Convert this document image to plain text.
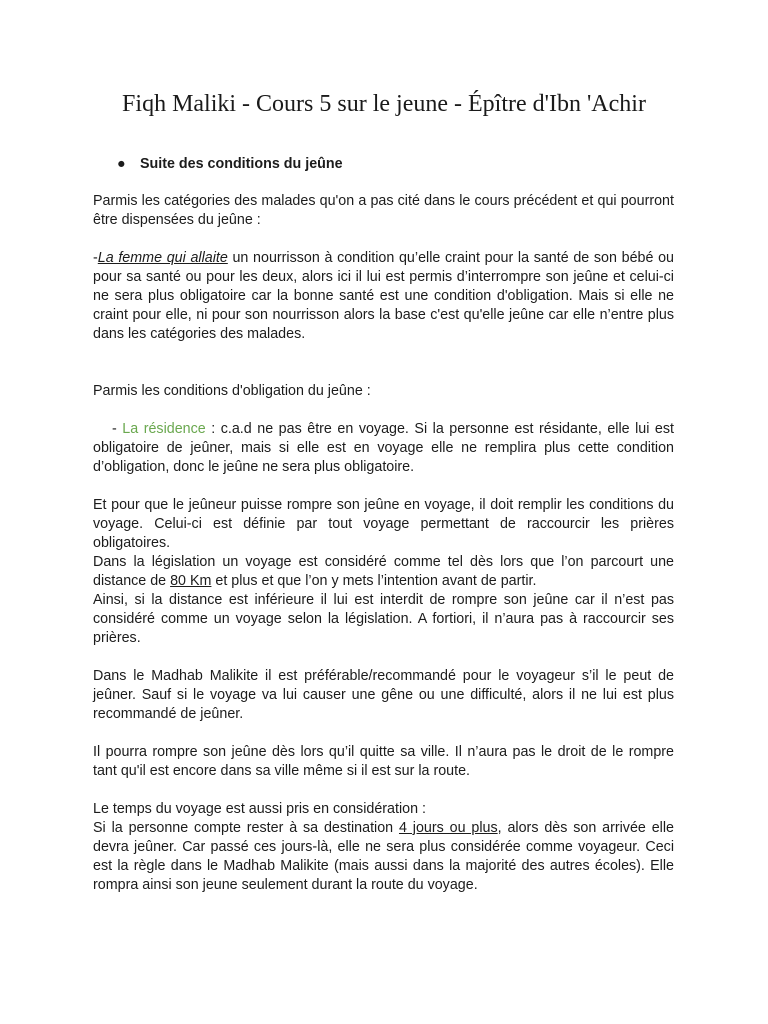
Fiqh Maliki - Cours 5 sur le jeune - Épître d'Ibn 'Achir
●	Suite des conditions du jeûne

Parmis les catégories des malades qu'on a pas cité dans le cours précédent et qui pourront être dispensées du jeûne :

-La femme qui allaite un nourrisson à condition qu’elle craint pour la santé de son bébé ou pour sa santé ou pour les deux, alors ici il lui est permis d’interrompre son jeûne et celui-ci ne sera plus obligatoire car la bonne santé est une condition d'obligation. Mais si elle ne craint pour elle, ni pour son nourrisson alors la base c'est qu'elle jeûne car elle n’entre plus dans les catégories des malades.

Parmis les conditions d'obligation du jeûne :

- La résidence : c.a.d ne pas être en voyage. Si la personne est résidante, elle lui est obligatoire de jeûner, mais si elle est en voyage elle ne remplira plus cette condition d’obligation, donc le jeûne ne sera plus obligatoire.

Et pour que le jeûneur puisse rompre son jeûne en voyage, il doit remplir les conditions du voyage. Celui-ci est définie par tout voyage permettant de raccourcir les prières obligatoires.

Dans la législation un voyage est considéré comme tel dès lors que l’on parcourt une distance de 80 Km et plus et que l’on y mets l’intention avant de partir.

Ainsi, si la distance est inférieure il lui est interdit de rompre son jeûne car il n’est pas considéré comme un voyage selon la législation. A fortiori, il n’aura pas à raccourcir ses prières.

Dans le Madhab Malikite il est préférable/recommandé pour le voyageur s’il le peut de jeûner. Sauf si le voyage va lui causer une gêne ou une difficulté, alors il ne lui est plus recommandé de jeûner.

Il pourra rompre son jeûne dès lors qu’il quitte sa ville. Il n’aura pas le droit de le rompre tant qu'il est encore dans sa ville même si il est sur la route.

Le temps du voyage est aussi pris en considération :

Si la personne compte rester à sa destination 4 jours ou plus, alors dès son arrivée elle devra jeûner. Car passé ces jours-là, elle ne sera plus considérée comme voyageur. Ceci est la règle dans le Madhab Malikite (mais aussi dans la majorité des autres écoles). Elle rompra ainsi son jeune seulement durant la route du voyage.
